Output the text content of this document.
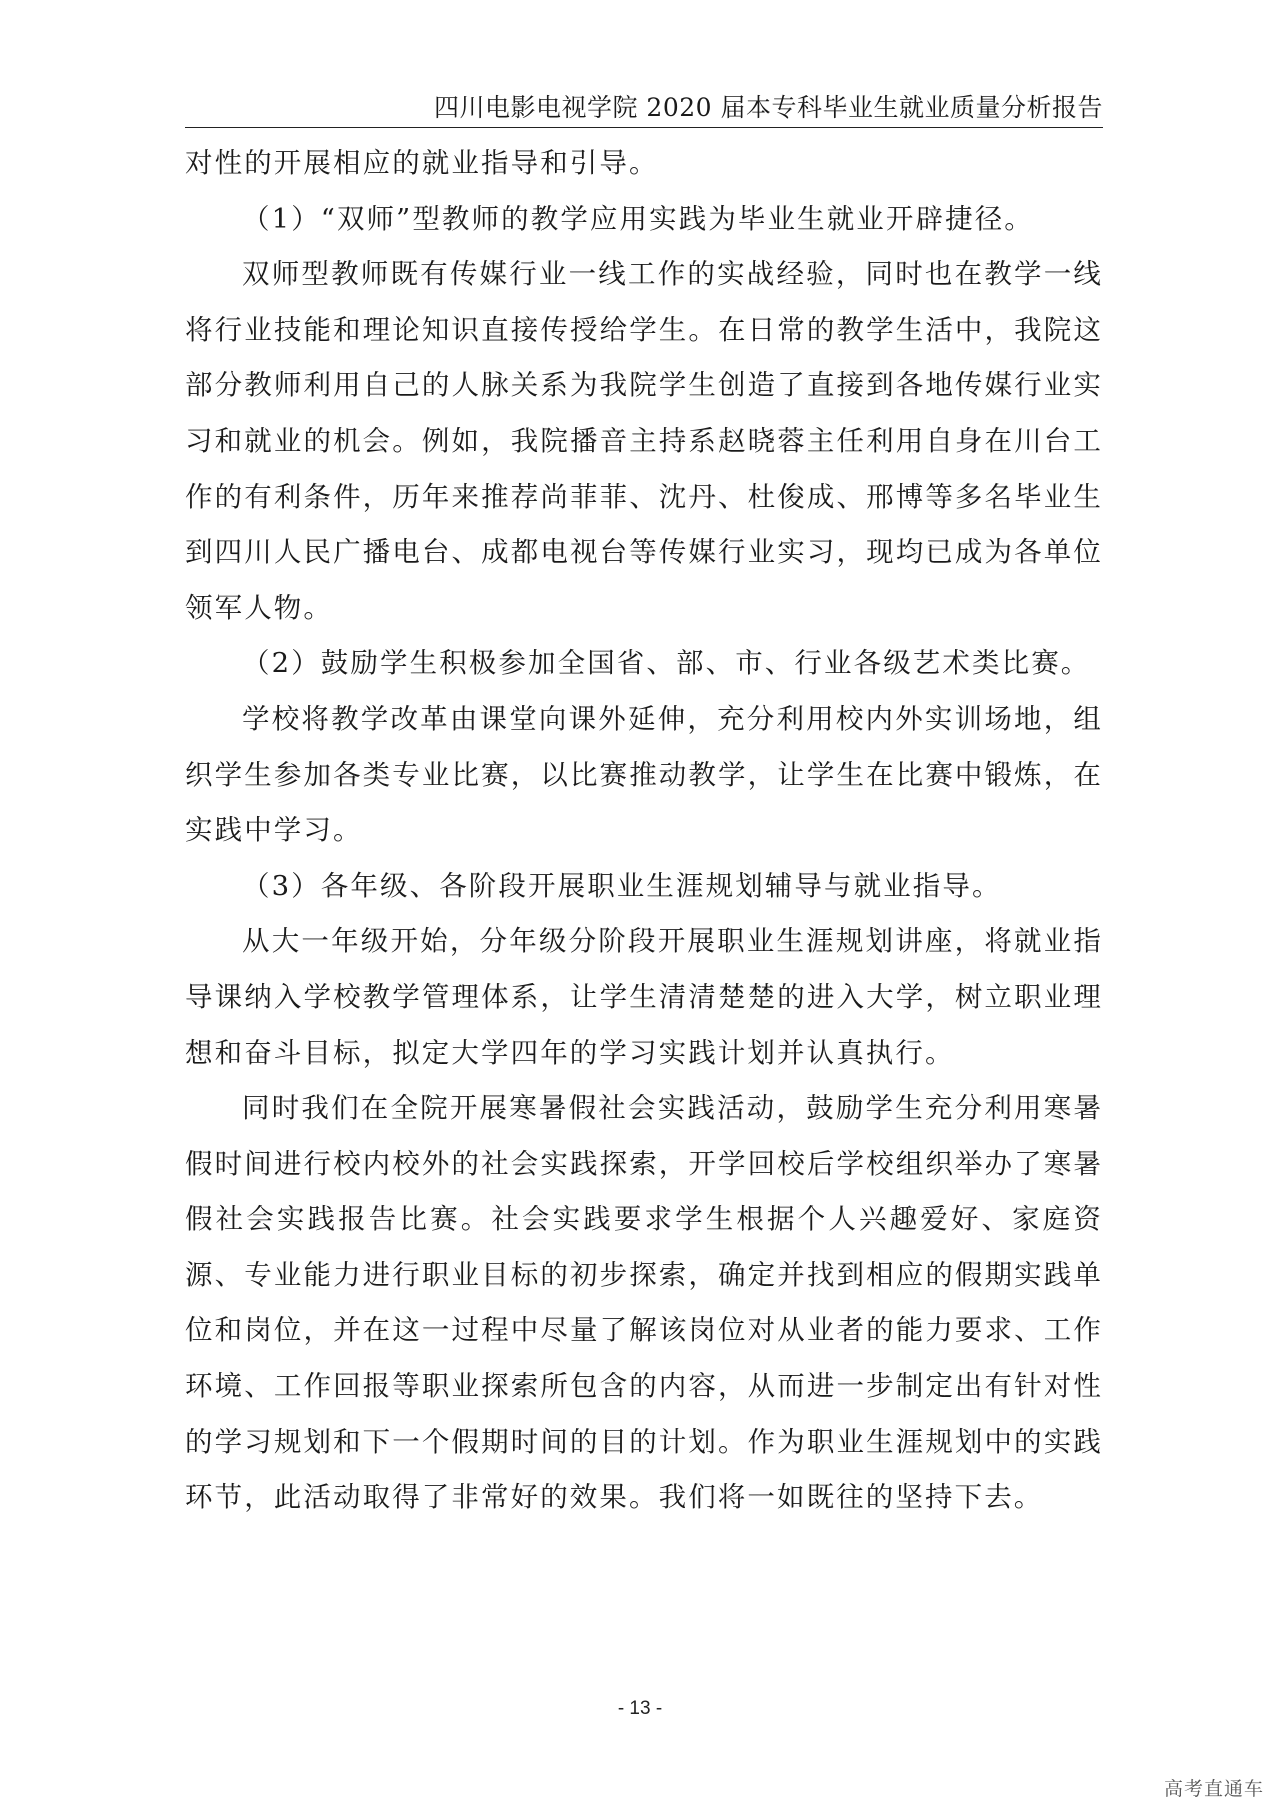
四川电影电视学院 2020 届本专科毕业生就业质量分析报告

对性的开展相应的就业指导和引导。

（1）“双师”型教师的教学应用实践为毕业生就业开辟捷径。

双师型教师既有传媒行业一线工作的实战经验，同时也在教学一线将行业技能和理论知识直接传授给学生。在日常的教学生活中，我院这部分教师利用自己的人脉关系为我院学生创造了直接到各地传媒行业实习和就业的机会。例如，我院播音主持系赵晓蓉主任利用自身在川台工作的有利条件，历年来推荐尚菲菲、沈丹、杜俊成、邢博等多名毕业生到四川人民广播电台、成都电视台等传媒行业实习，现均已成为各单位领军人物。

（2）鼓励学生积极参加全国省、部、市、行业各级艺术类比赛。

学校将教学改革由课堂向课外延伸，充分利用校内外实训场地，组织学生参加各类专业比赛，以比赛推动教学，让学生在比赛中锻炼，在实践中学习。

（3）各年级、各阶段开展职业生涯规划辅导与就业指导。

从大一年级开始，分年级分阶段开展职业生涯规划讲座，将就业指导课纳入学校教学管理体系，让学生清清楚楚的进入大学，树立职业理想和奋斗目标，拟定大学四年的学习实践计划并认真执行。

同时我们在全院开展寒暑假社会实践活动，鼓励学生充分利用寒暑假时间进行校内校外的社会实践探索，开学回校后学校组织举办了寒暑假社会实践报告比赛。社会实践要求学生根据个人兴趣爱好、家庭资源、专业能力进行职业目标的初步探索，确定并找到相应的假期实践单位和岗位，并在这一过程中尽量了解该岗位对从业者的能力要求、工作环境、工作回报等职业探索所包含的内容，从而进一步制定出有针对性的学习规划和下一个假期时间的目的计划。作为职业生涯规划中的实践环节，此活动取得了非常好的效果。我们将一如既往的坚持下去。

- 13 -
高考直通车
